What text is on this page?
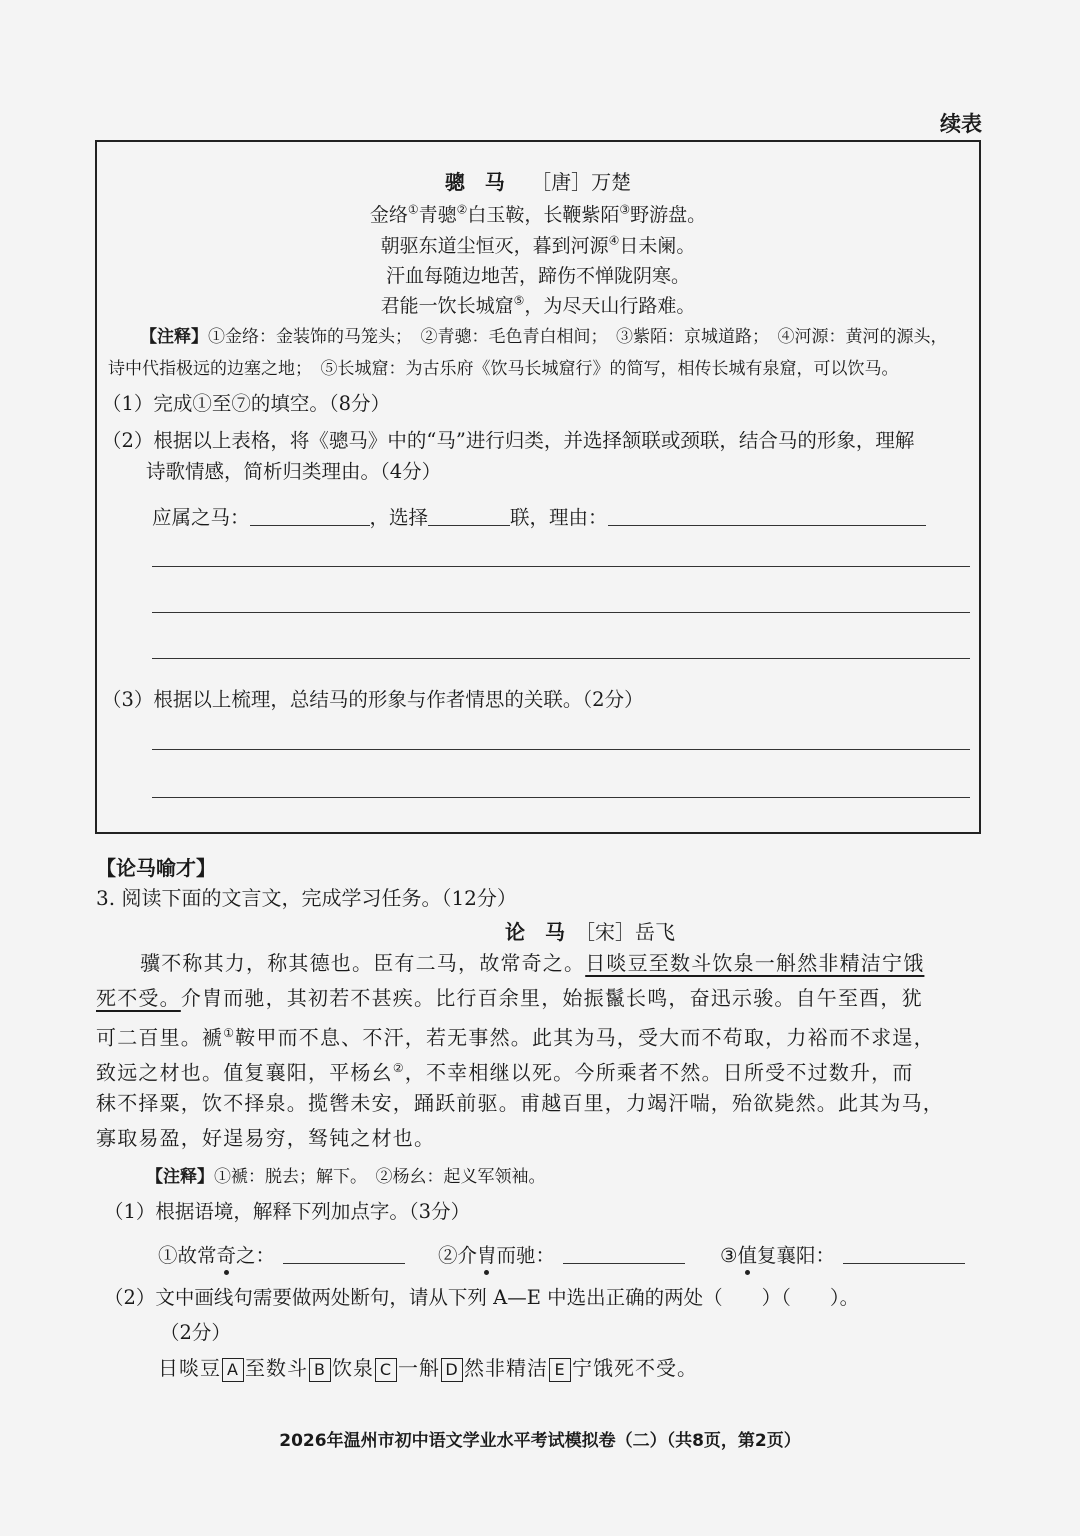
续表
骢　马　 ［唐］万楚
金络①青骢②白玉鞍，长鞭紫陌③野游盘。
朝驱东道尘恒灭，暮到河源④日未阑。
汗血每随边地苦，蹄伤不惮陇阴寒。
君能一饮长城窟⑤，为尽天山行路难。
【注释】①金络：金装饰的马笼头；　②青骢：毛色青白相间；　③紫陌：京城道路；　④河源：黄河的源头，
诗中代指极远的边塞之地；　⑤长城窟：为古乐府《饮马长城窟行》的简写，相传长城有泉窟，可以饮马。
（1）完成①至⑦的填空。（8分）
（2）根据以上表格，将《骢马》中的“马”进行归类，并选择颔联或颈联，结合马的形象，理解
诗歌情感，简析归类理由。（4分）
应属之马：	，选择	联，理由：
（3）根据以上梳理，总结马的形象与作者情思的关联。（2分）
【论马喻才】
3. 阅读下面的文言文，完成学习任务。（12分）
论　马　 ［宋］岳飞
骥不称其力，称其德也。臣有二马，故常奇之。日啖豆至数斗饮泉一斛然非精洁宁饿
死不受。介胄而驰，其初若不甚疾。比行百余里，始振鬣长鸣，奋迅示骏。自午至酉，犹
可二百里。褫①鞍甲而不息、不汗，若无事然。此其为马，受大而不苟取，力裕而不求逞，
致远之材也。值复襄阳，平杨幺②，不幸相继以死。今所乘者不然。日所受不过数升，而
秣不择粟，饮不择泉。揽辔未安，踊跃前驱。甫越百里，力竭汗喘，殆欲毙然。此其为马，
寡取易盈，好逞易穷，驽钝之材也。
【注释】①褫：脱去；解下。　②杨幺：起义军领袖。
（1）根据语境，解释下列加点字。（3分）
①故常奇之：	②介胄而驰：	③值复襄阳：
（2）文中画线句需要做两处断句，请从下列 A—E 中选出正确的两处（　　）（　　）。
（2分）
日啖豆 A 至数斗 B 饮泉 C 一斛 D 然非精洁 E 宁饿死不受。
2026年温州市初中语文学业水平考试模拟卷（二）（共8页，第2页）
